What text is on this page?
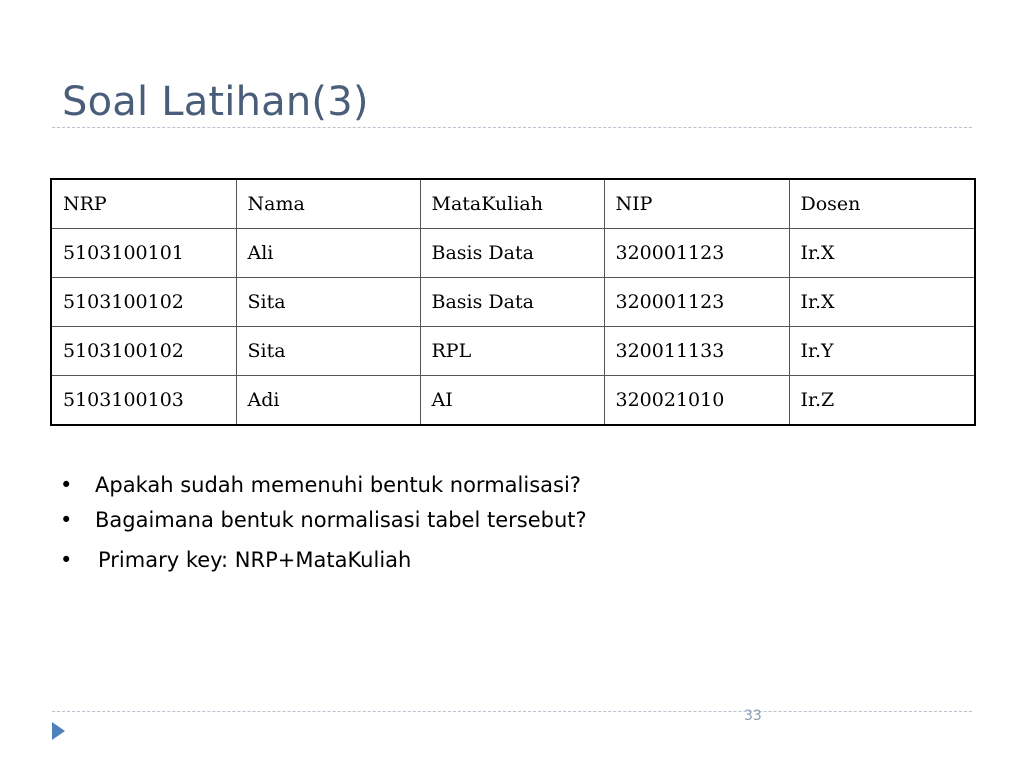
Soal Latihan(3)
NRP	Nama	MataKuliah	NIP	Dosen
5103100101	Ali	Basis Data	320001123	Ir.X
5103100102	Sita	Basis Data	320001123	Ir.X
5103100102	Sita	RPL	320011133	Ir.Y
5103100103	Adi	AI	320021010	Ir.Z
• Apakah sudah memenuhi bentuk normalisasi?
• Bagaimana bentuk normalisasi tabel tersebut?
• Primary key: NRP+MataKuliah
33
